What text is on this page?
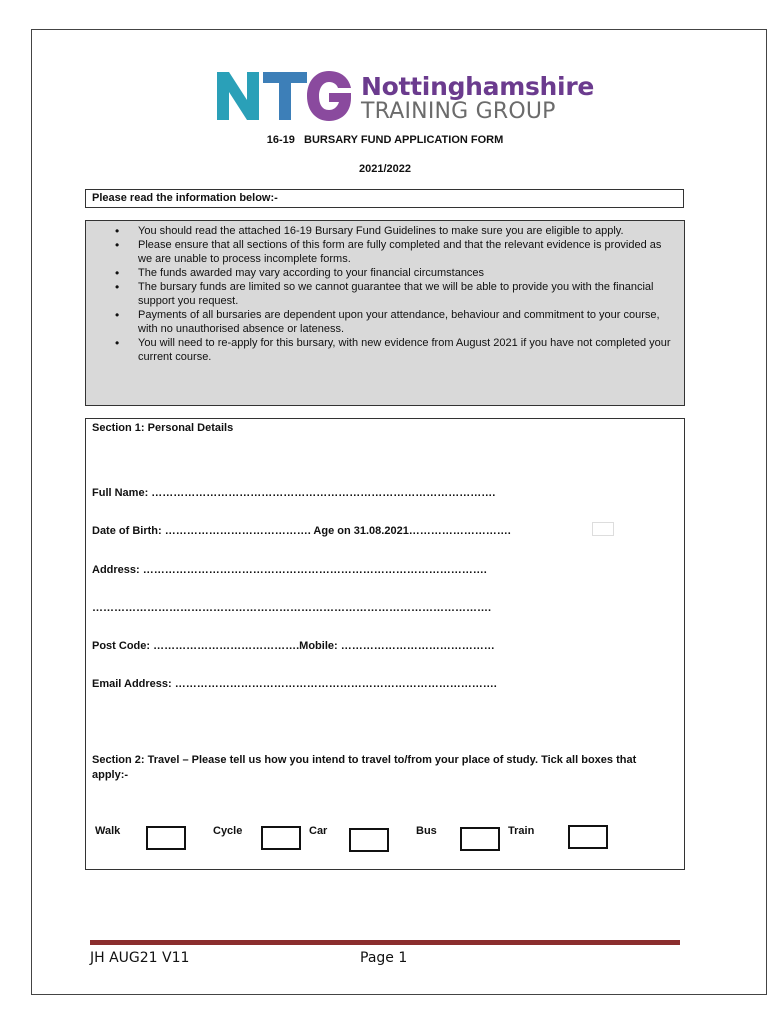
Nottinghamshire
TRAINING GROUP
16-19   BURSARY FUND APPLICATION FORM
2021/2022
Please read the information below:-
• You should read the attached 16-19 Bursary Fund Guidelines to make sure you are eligible to apply.
• Please ensure that all sections of this form are fully completed and that the relevant evidence is provided as we are unable to process incomplete forms.
• The funds awarded may vary according to your financial circumstances
• The bursary funds are limited so we cannot guarantee that we will be able to provide you with the financial support you request.
• Payments of all bursaries are dependent upon your attendance, behaviour and commitment to your course, with no unauthorised absence or lateness.
• You will need to re-apply for this bursary, with new evidence from August 2021 if you have not completed your current course.
Section 1: Personal Details
Full Name: ………………………………………………………………………………….
Date of Birth: …………………………………. Age on 31.08.2021……………………….
Address: ………………………………………………………………………………….
……………………………………………………………………………………………….
Post Code: ………………………………….Mobile: ……………………………………
Email Address: …………………………………………………………………………….
Section 2: Travel – Please tell us how you intend to travel to/from your place of study. Tick all boxes that apply:-
Walk	Cycle	Car	Bus	Train
JH AUG21 V11	Page 1
